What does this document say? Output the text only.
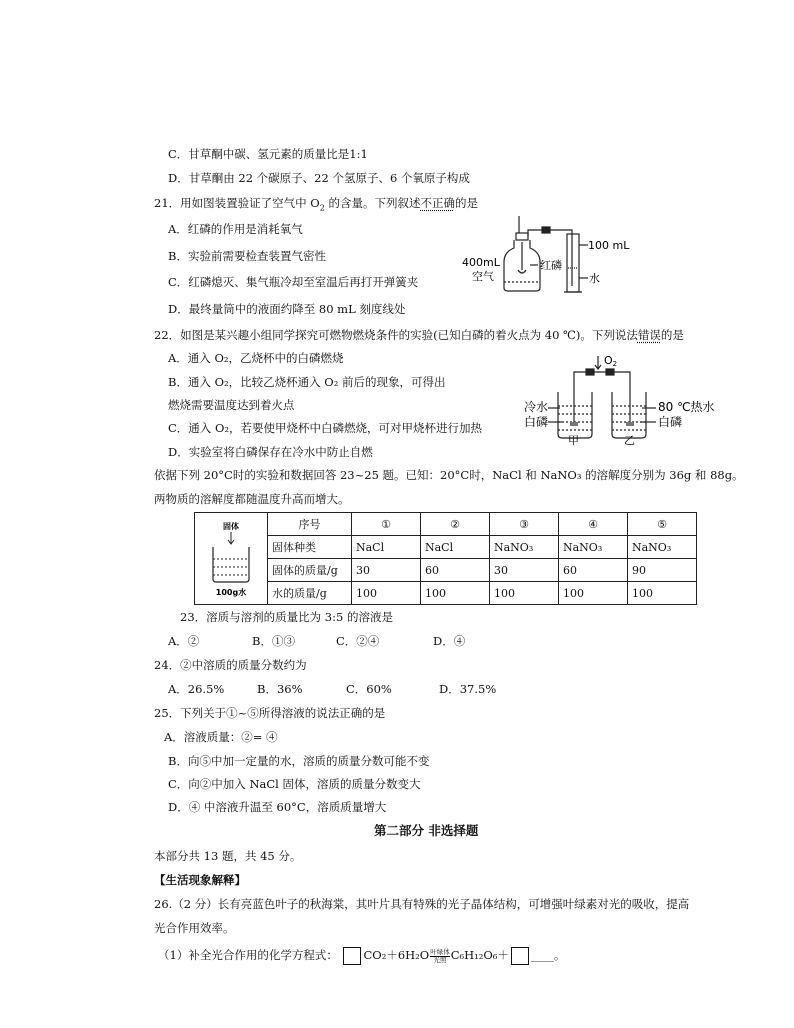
C．甘草酮中碳、氢元素的质量比是1:1
D．甘草酮由 22 个碳原子、22 个氢原子、6 个氧原子构成
21．用如图装置验证了空气中 $O_2$ 的含量。下列叙述不正确的是
A．红磷的作用是消耗氧气
B．实验前需要检查装置气密性
C．红磷熄灭、集气瓶冷却至室温后再打开弹簧夹
D．最终量筒中的液面约降至 80 mL 刻度线处
400mL
空气
红磷
100 mL
水
22．如图是某兴趣小组同学探究可燃物燃烧条件的实验(已知白磷的着火点为 40 ℃)。下列说法错误的是
A．通入 O₂，乙烧杯中的白磷燃烧
B．通入 O₂，比较乙烧杯通入 O₂ 前后的现象，可得出
燃烧需要温度达到着火点
C．通入 O₂，若要使甲烧杯中白磷燃烧，可对甲烧杯进行加热
D．实验室将白磷保存在冷水中防止自燃
O2
冷水
白磷
甲
80 ℃热水
白磷
乙
依据下列 20°C时的实验和数据回答 23~25 题。已知：20°C时，NaCl 和 NaNO₃ 的溶解度分别为 36g 和 88g。
两物质的溶解度都随温度升高而增大。
固体
100g水	序号	①	②	③	④	⑤
	固体种类	NaCl	NaCl	NaNO₃	NaNO₃	NaNO₃
	固体的质量/g	30	60	30	60	90
	水的质量/g	100	100	100	100	100
23．溶质与溶剂的质量比为 3:5 的溶液是
A．②	B．①③	C．②④	D．④
24．②中溶质的质量分数约为
A．26.5%	B．36%	C．60%	D．37.5%
25．下列关于①~⑤所得溶液的说法正确的是
A．溶液质量：②= ④
B．向⑤中加一定量的水，溶质的质量分数可能不变
C．向②中加入 NaCl 固体，溶质的质量分数变大
D．④ 中溶液升温至 60°C，溶质质量增大
第二部分 非选择题
本部分共 13 题，共 45 分。
【生活现象解释】
26.（2 分）长有亮蓝色叶子的秋海棠，其叶片具有特殊的光子晶体结构，可增强叶绿素对光的吸收，提高
光合作用效率。
（1）补全光合作用的化学方程式： CO₂＋6H₂O 叶绿体
光照 C₆H₁₂O₆＋ ____。
